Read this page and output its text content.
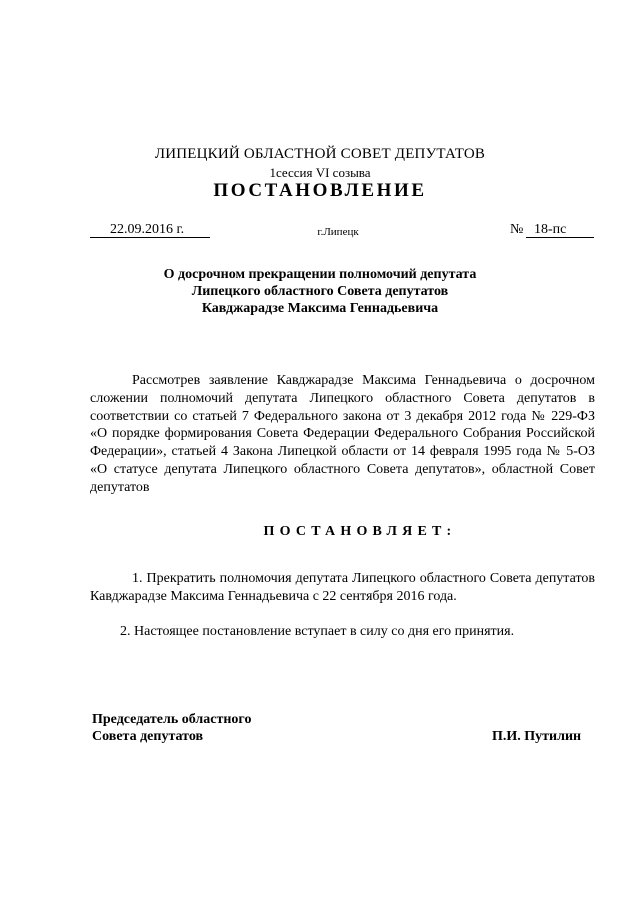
ЛИПЕЦКИЙ ОБЛАСТНОЙ СОВЕТ ДЕПУТАТОВ
1сессия VI созыва
ПОСТАНОВЛЕНИЕ
22.09.2016 г.	г.Липецк	№ 18-пс
О досрочном прекращении полномочий депутата
Липецкого областного Совета депутатов
Кавджарадзе Максима Геннадьевича
Рассмотрев заявление Кавджарадзе Максима Геннадьевича о досрочном сложении полномочий депутата Липецкого областного Совета депутатов в соответствии со статьей 7 Федерального закона от 3 декабря 2012 года № 229-ФЗ «О порядке формирования Совета Федерации Федерального Собрания Российской Федерации», статьей 4 Закона Липецкой области от 14 февраля 1995 года № 5-ОЗ «О статусе депутата Липецкого областного Совета депутатов», областной Совет депутатов
ПОСТАНОВЛЯЕТ:
1. Прекратить полномочия депутата Липецкого областного Совета депутатов Кавджарадзе Максима Геннадьевича с 22 сентября 2016 года.
2. Настоящее постановление вступает в силу со дня его принятия.
Председатель областного
Совета депутатов	П.И. Путилин
